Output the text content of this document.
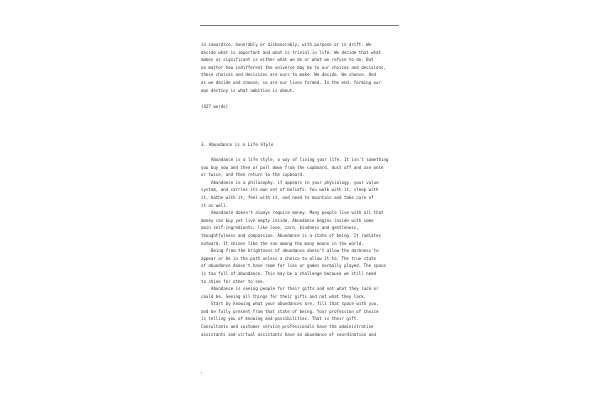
in cowardice, honorably or dishonorably, with purpose or in drift. We

decide what is important and what is trivial in life. We decide that what

makes us significant is either what we do or what we refuse to do. But

no matter how indifferent the universe may be to our choices and decisions,

these choices and decisions are ours to make. We decide. We choose. And

as we decide and choose, so are our lives formed. In the end, forming our

own destiny is what ambition is about.

(427 words)
3. Abundance is a Life Style

Abundance is a life style, a way of living your life. It isn't something

you buy now and then or pull down from the cupboard, dust off and use once

or twice, and then return to the cupboard.

Abundance is a philosophy. it appears in your physiology, your value

system, and carries its own set of beliefs. You walk with it, sleep with

it, bathe with it, feel with it, and need to maintain and take care of

it as well.

Abundance doesn't always require money. Many people live with all that

money can buy yet live empty inside. Abundance begins inside with some

main self-ingredients, like love, care, kindness and gentleness,

thoughtfulness and compassion. Abundance is a state of being. It radiates

outward. It shines like the sun among the many moons in the world.

Being from the brightness of abundance doesn't allow the darkness to

appear or be in the path unless a choice to allow it to. The true state

of abundance doesn't have room for lies or games normally played. The space

is too full of abundance. This may be a challenge because we still need

to shine for other to see.

Abundance is seeing people for their gifts and not what they lack or

could be. Seeing all things for their gifts and not what they lack.

Start by knowing what your abundances are, fill that space with you,

and be fully present from that state of being. Your profession of choice

is telling you of knowing and possibilities. That is their gift.

Consultants and customer service professionals have the administrative

assistants and virtual assistants have an abundance of coordination and
